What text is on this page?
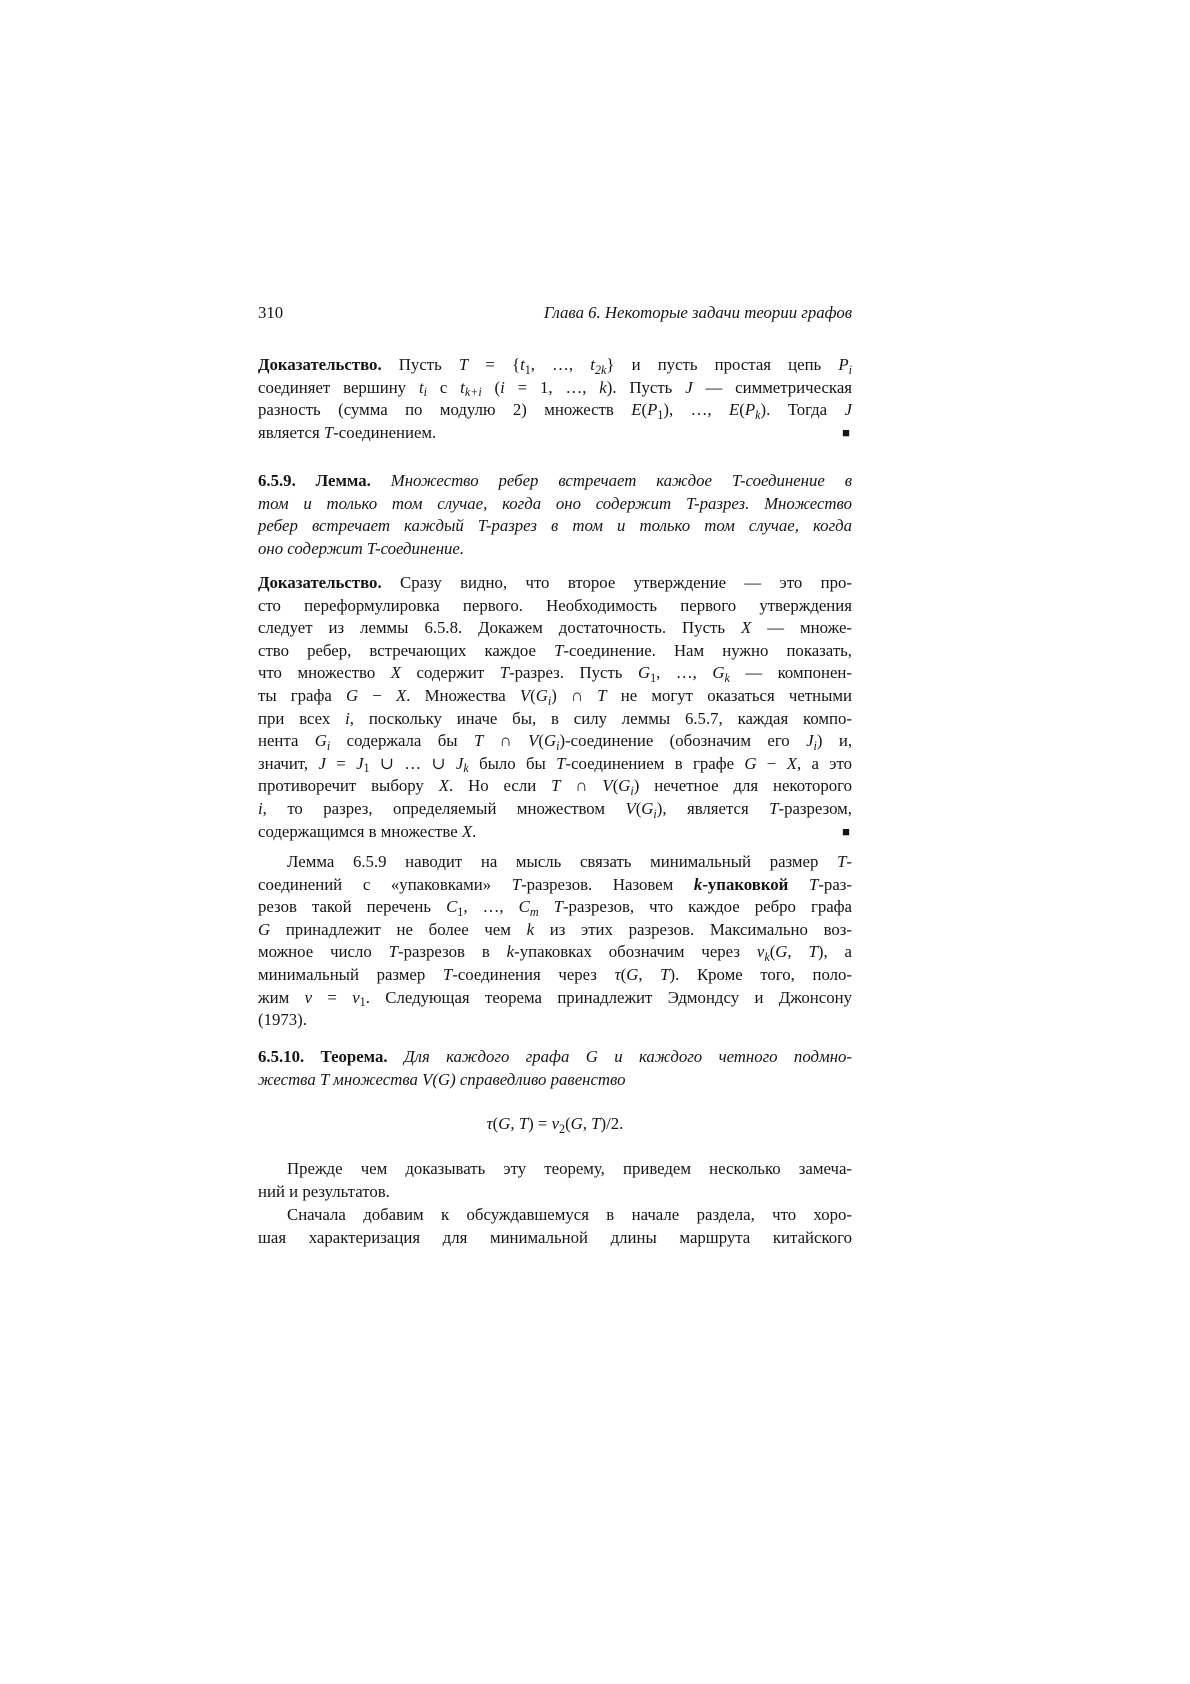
310	Глава 6. Некоторые задачи теории графов
Доказательство. Пусть $T = \{t_1$, …, $t_{2k}$} и пусть простая цепь $P_i$
соединяет вершину $t_i$ с $t_{k+i}$ (i = 1, …, k). Пусть J — симметрическая
разность (сумма по модулю 2) множеств $E(P_1)$, …, $E(P_k)$. Тогда J
является T-соединением.	■
6.5.9. Лемма. Множество ребер встречает каждое T-соединение в
том и только том случае, когда оно содержит T-разрез. Множество
ребер встречает каждый T-разрез в том и только том случае, когда
оно содержит T-соединение.
Доказательство. Сразу видно, что второе утверждение — это про-
сто переформулировка первого. Необходимость первого утверждения
следует из леммы 6.5.8. Докажем достаточность. Пусть X — множе-
ство ребер, встречающих каждое T-соединение. Нам нужно показать,
что множество X содержит T-разрез. Пусть $G_1$, …, $G_k$ — компонен-
ты графа G − X. Множества $V(G_i)$ ∩ T не могут оказаться четными
при всех i, поскольку иначе бы, в силу леммы 6.5.7, каждая компо-
нента $G_i$ содержала бы T ∩ $V(G_i)$-соединение (обозначим его $J_i$) и,
значит, $J = J_1$ ∪ … ∪ $J_k$ было бы T-соединением в графе G − X, а это
противоречит выбору X. Но если T ∩ $V(G_i)$ нечетное для некоторого
i, то разрез, определяемый множеством $V(G_i)$, является T-разрезом,
содержащимся в множестве X.	■
Лемма 6.5.9 наводит на мысль связать минимальный размер T-
соединений с «упаковками» T-разрезов. Назовем k-упаковкой T-раз-
резов такой перечень $C_1$, …, $C_m$ T-разрезов, что каждое ребро графа
G принадлежит не более чем k из этих разрезов. Максимально воз-
можное число T-разрезов в k-упаковках обозначим через $\nu_k(G$, T), а
минимальный размер T-соединения через τ(G, T). Кроме того, поло-
жим $\nu = \nu_1$. Следующая теорема принадлежит Эдмондсу и Джонсону
(1973).
6.5.10. Теорема. Для каждого графа G и каждого четного подмно-
жества T множества V(G) справедливо равенство
τ(G, $T) = \nu_2(G$, T)/2.
Прежде чем доказывать эту теорему, приведем несколько замеча-
ний и результатов.
Сначала добавим к обсуждавшемуся в начале раздела, что хоро-
шая характеризация для минимальной длины маршрута китайского
